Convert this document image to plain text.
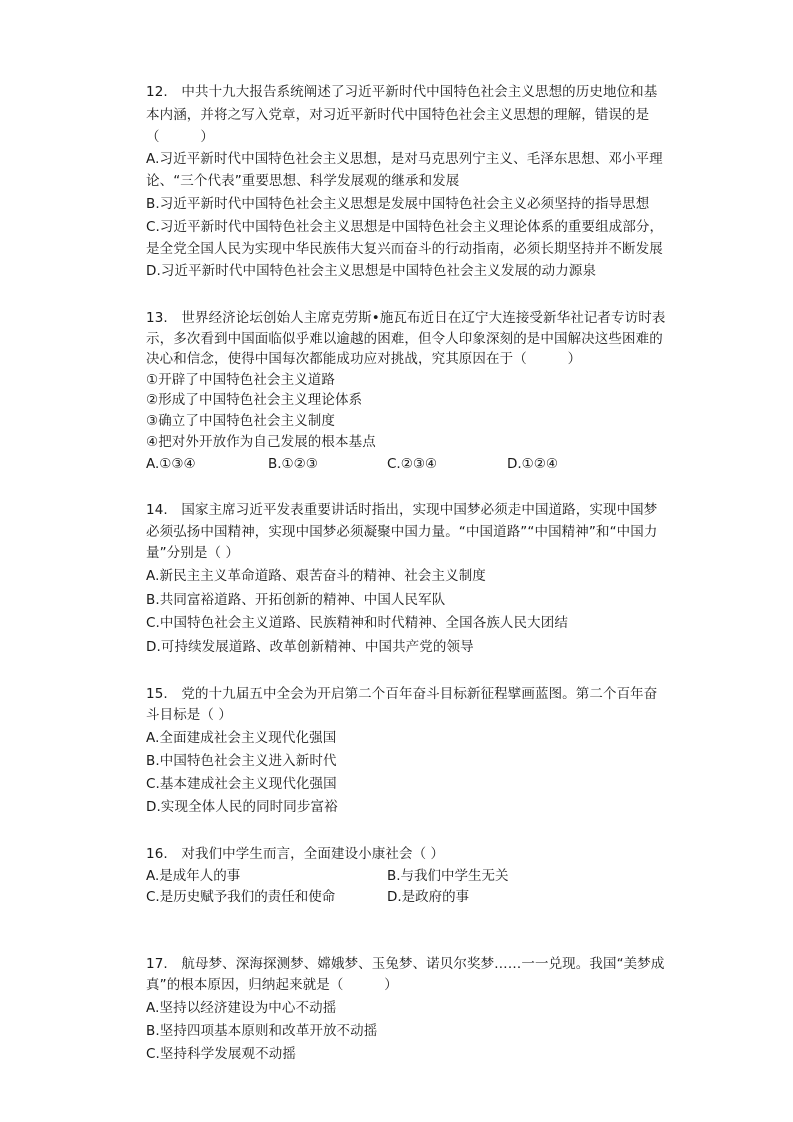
12.　中共十九大报告系统阐述了习近平新时代中国特色社会主义思想的历史地位和基
本内涵，并将之写入党章，对习近平新时代中国特色社会主义思想的理解，错误的是
（　　　）
A.习近平新时代中国特色社会主义思想，是对马克思列宁主义、毛泽东思想、邓小平理
论、“三个代表”重要思想、科学发展观的继承和发展
B.习近平新时代中国特色社会主义思想是发展中国特色社会主义必须坚持的指导思想
C.习近平新时代中国特色社会主义思想是中国特色社会主义理论体系的重要组成部分，
是全党全国人民为实现中华民族伟大复兴而奋斗的行动指南，必须长期坚持并不断发展
D.习近平新时代中国特色社会主义思想是中国特色社会主义发展的动力源泉
13.　世界经济论坛创始人主席克劳斯•施瓦布近日在辽宁大连接受新华社记者专访时表
示，多次看到中国面临似乎难以逾越的困难，但令人印象深刻的是中国解决这些困难的
决心和信念，使得中国每次都能成功应对挑战，究其原因在于（　　　）
①开辟了中国特色社会主义道路
②形成了中国特色社会主义理论体系
③确立了中国特色社会主义制度
④把对外开放作为自己发展的根本基点
A.①③④	B.①②③	C.②③④	D.①②④
14.　国家主席习近平发表重要讲话时指出，实现中国梦必须走中国道路，实现中国梦
必须弘扬中国精神，实现中国梦必须凝聚中国力量。“中国道路”“中国精神”和“中国力
量”分别是（ ）
A.新民主主义革命道路、艰苦奋斗的精神、社会主义制度
B.共同富裕道路、开拓创新的精神、中国人民军队
C.中国特色社会主义道路、民族精神和时代精神、全国各族人民大团结
D.可持续发展道路、改革创新精神、中国共产党的领导
15.　党的十九届五中全会为开启第二个百年奋斗目标新征程擘画蓝图。第二个百年奋
斗目标是（ ）
A.全面建成社会主义现代化强国
B.中国特色社会主义进入新时代
C.基本建成社会主义现代化强国
D.实现全体人民的同时同步富裕
16.　对我们中学生而言，全面建设小康社会（ ）
A.是成年人的事	B.与我们中学生无关
C.是历史赋予我们的责任和使命	D.是政府的事
17.　航母梦、深海探测梦、嫦娥梦、玉兔梦、诺贝尔奖梦……一一兑现。我国“美梦成
真”的根本原因，归纳起来就是（　　　）
A.坚持以经济建设为中心不动摇
B.坚持四项基本原则和改革开放不动摇
C.坚持科学发展观不动摇
